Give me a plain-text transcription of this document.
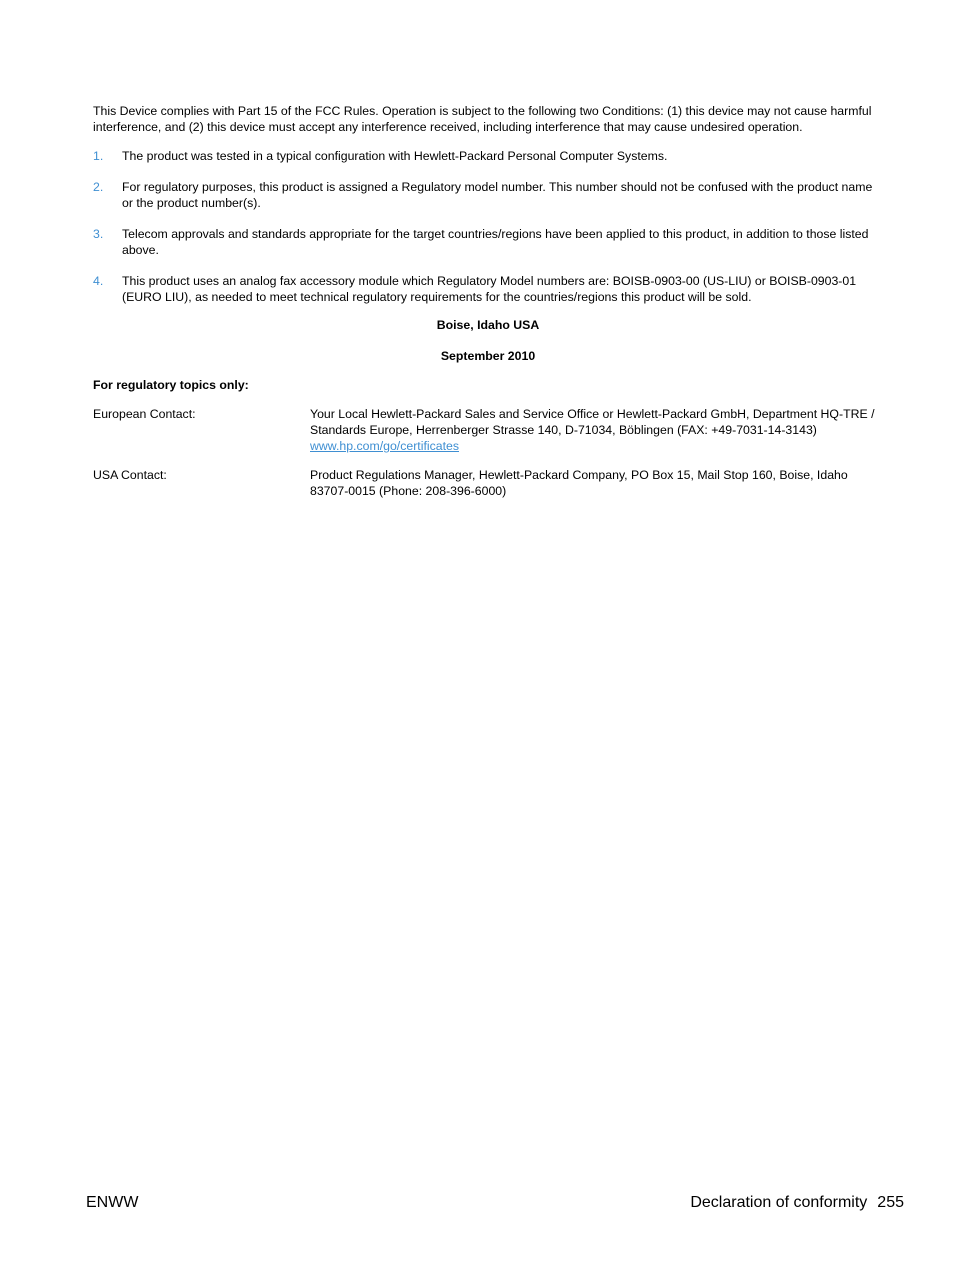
This Device complies with Part 15 of the FCC Rules. Operation is subject to the following two Conditions: (1) this device may not cause harmful interference, and (2) this device must accept any interference received, including interference that may cause undesired operation.

1.	The product was tested in a typical configuration with Hewlett-Packard Personal Computer Systems.
2.	For regulatory purposes, this product is assigned a Regulatory model number. This number should not be confused with the product name or the product number(s).
3.	Telecom approvals and standards appropriate for the target countries/regions have been applied to this product, in addition to those listed above.
4.	This product uses an analog fax accessory module which Regulatory Model numbers are: BOISB-0903-00 (US-LIU) or BOISB-0903-01 (EURO LIU), as needed to meet technical regulatory requirements for the countries/regions this product will be sold.

Boise, Idaho USA

September 2010

For regulatory topics only:

European Contact:	Your Local Hewlett-Packard Sales and Service Office or Hewlett-Packard GmbH, Department HQ-TRE / Standards Europe, Herrenberger Strasse 140, D-71034, Böblingen (FAX: +49-7031-14-3143)
www.hp.com/go/certificates
USA Contact:	Product Regulations Manager, Hewlett-Packard Company, PO Box 15, Mail Stop 160, Boise, Idaho 83707-0015 (Phone: 208-396-6000)
ENWW	Declaration of conformity 255
